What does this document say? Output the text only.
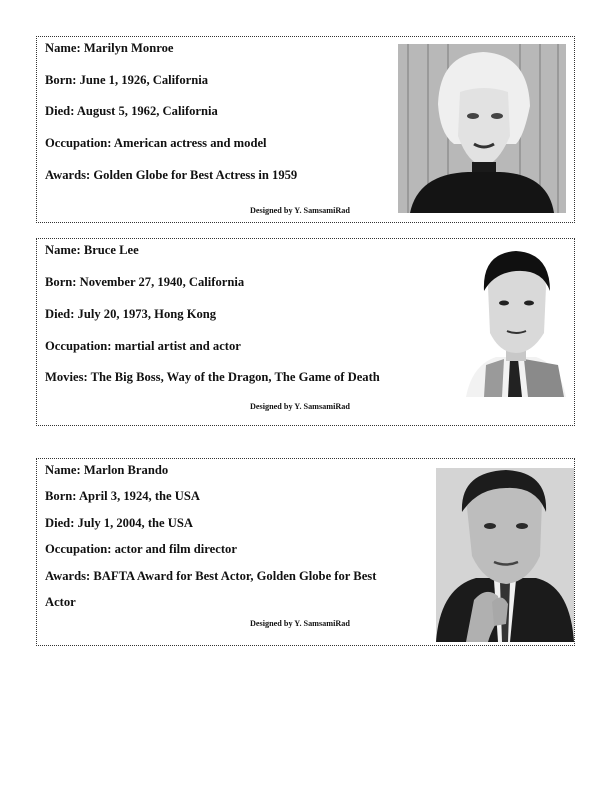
Name: Marilyn Monroe

Born: June 1, 1926, California

Died: August 5, 1962, California

Occupation: American actress and model

Awards: Golden Globe for Best Actress in 1959

Designed by Y. SamsamiRad

Name: Bruce Lee

Born: November 27, 1940, California

Died: July 20, 1973, Hong Kong

Occupation: martial artist and actor

Movies: The Big Boss, Way of the Dragon, The Game of Death

Designed by Y. SamsamiRad

Name: Marlon Brando

Born: April 3, 1924, the USA

Died: July 1, 2004, the USA

Occupation: actor and film director

Awards: BAFTA Award for Best Actor, Golden Globe for Best

Actor

Designed by Y. SamsamiRad
